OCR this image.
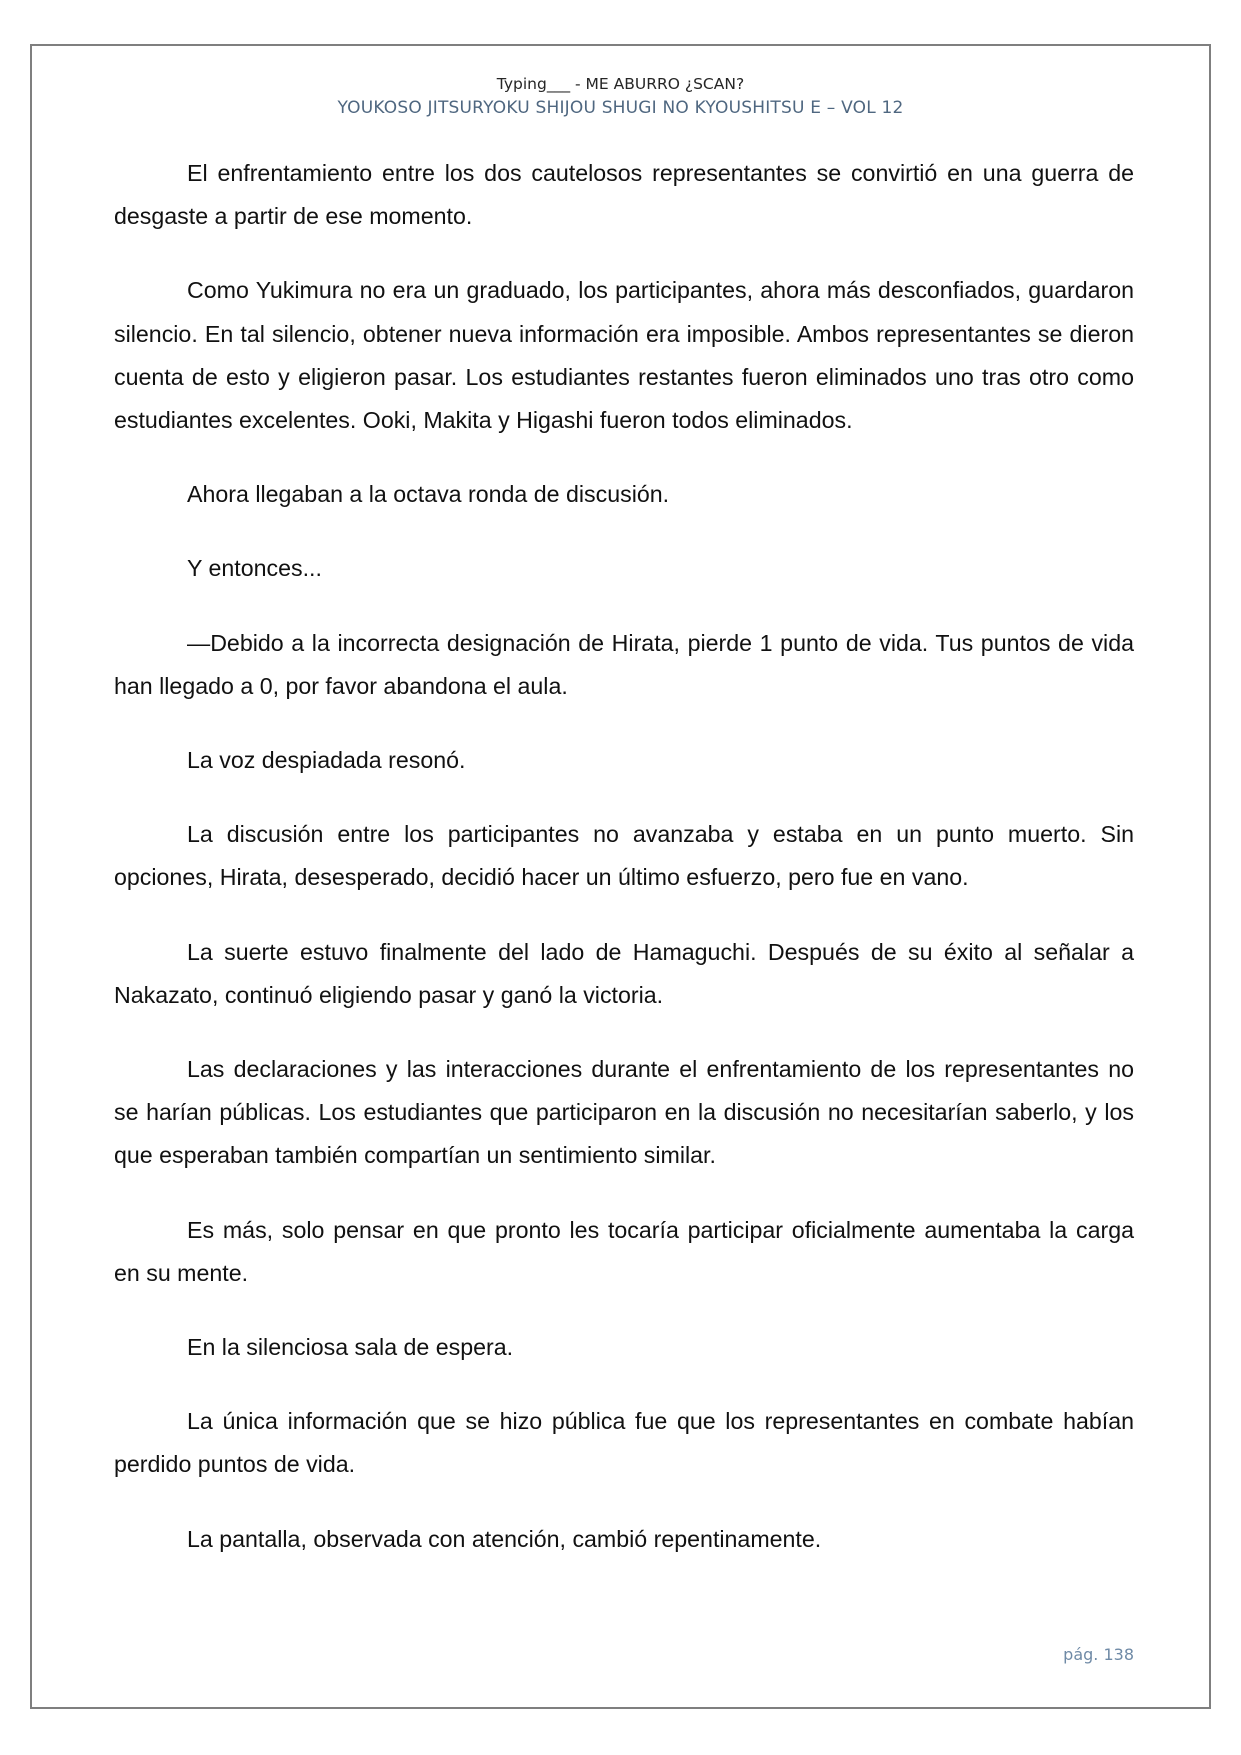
Typing___ - ME ABURRO ¿SCAN?
YOUKOSO JITSURYOKU SHIJOU SHUGI NO KYOUSHITSU E – VOL 12

El enfrentamiento entre los dos cautelosos representantes se convirtió en una guerra de desgaste a partir de ese momento.

Como Yukimura no era un graduado, los participantes, ahora más desconfiados, guardaron silencio. En tal silencio, obtener nueva información era imposible. Ambos representantes se dieron cuenta de esto y eligieron pasar. Los estudiantes restantes fueron eliminados uno tras otro como estudiantes excelentes. Ooki, Makita y Higashi fueron todos eliminados.

Ahora llegaban a la octava ronda de discusión.

Y entonces...

—Debido a la incorrecta designación de Hirata, pierde 1 punto de vida. Tus puntos de vida han llegado a 0, por favor abandona el aula.

La voz despiadada resonó.

La discusión entre los participantes no avanzaba y estaba en un punto muerto. Sin opciones, Hirata, desesperado, decidió hacer un último esfuerzo, pero fue en vano.

La suerte estuvo finalmente del lado de Hamaguchi. Después de su éxito al señalar a Nakazato, continuó eligiendo pasar y ganó la victoria.

Las declaraciones y las interacciones durante el enfrentamiento de los representantes no se harían públicas. Los estudiantes que participaron en la discusión no necesitarían saberlo, y los que esperaban también compartían un sentimiento similar.

Es más, solo pensar en que pronto les tocaría participar oficialmente aumentaba la carga en su mente.

En la silenciosa sala de espera.

La única información que se hizo pública fue que los representantes en combate habían perdido puntos de vida.

La pantalla, observada con atención, cambió repentinamente.

pág. 138
